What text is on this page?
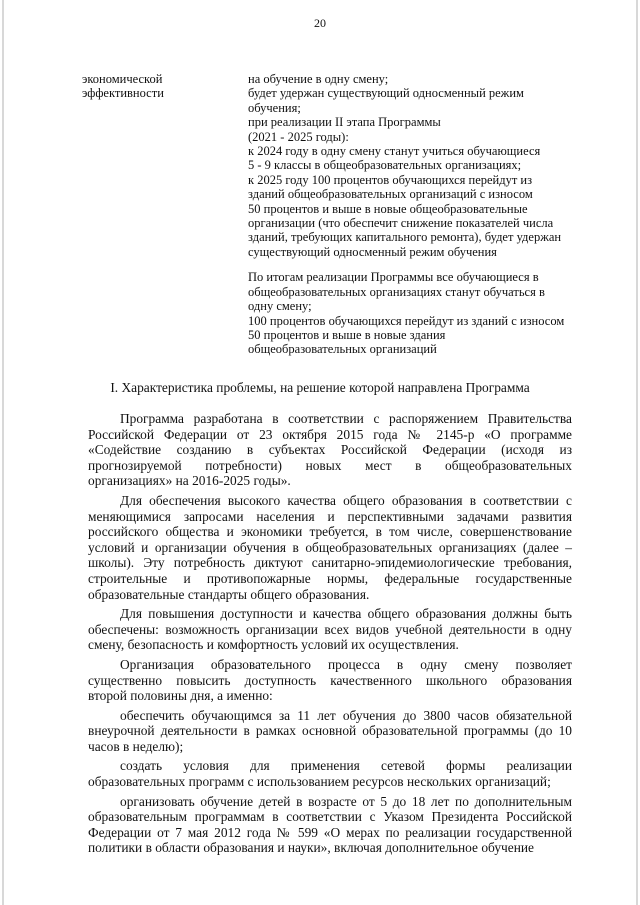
20
экономической
эффективности
на обучение в одну смену;
будет удержан существующий односменный режим
обучения;
при реализации II этапа Программы
(2021 - 2025 годы):
к 2024 году в одну смену станут учиться обучающиеся
5 - 9 классы в общеобразовательных организациях;
к 2025 году 100 процентов обучающихся перейдут из
зданий общеобразовательных организаций с износом
50 процентов и выше в новые общеобразовательные
организации (что обеспечит снижение показателей числа
зданий, требующих капитального ремонта), будет удержан
существующий односменный режим обучения
По итогам реализации Программы все обучающиеся в
общеобразовательных организациях станут обучаться в
одну смену;
100 процентов обучающихся перейдут из зданий с износом
50 процентов и выше в новые здания
общеобразовательных организаций
I. Характеристика проблемы, на решение которой направлена Программа

Программа разработана в соответствии с распоряжением Правительства
Российской Федерации от 23 октября 2015 года № 2145-р «О программе
«Содействие созданию в субъектах Российской Федерации (исходя из
прогнозируемой потребности) новых мест в общеобразовательных
организациях» на 2016-2025 годы».

Для обеспечения высокого качества общего образования в соответствии с
меняющимися запросами населения и перспективными задачами развития
российского общества и экономики требуется, в том числе, совершенствование
условий и организации обучения в общеобразовательных организациях (далее –
школы). Эту потребность диктуют санитарно-эпидемиологические требования,
строительные и противопожарные нормы, федеральные государственные
образовательные стандарты общего образования.

Для повышения доступности и качества общего образования должны быть
обеспечены: возможность организации всех видов учебной деятельности в одну
смену, безопасность и комфортность условий их осуществления.

Организация образовательного процесса в одну смену позволяет
существенно повысить доступность качественного школьного образования
второй половины дня, а именно:

обеспечить обучающимся за 11 лет обучения до 3800 часов обязательной
внеурочной деятельности в рамках основной образовательной программы (до 10
часов в неделю);

создать условия для применения сетевой формы реализации
образовательных программ с использованием ресурсов нескольких организаций;

организовать обучение детей в возрасте от 5 до 18 лет по дополнительным
образовательным программам в соответствии с Указом Президента Российской
Федерации от 7 мая 2012 года № 599 «О мерах по реализации государственной
политики в области образования и науки», включая дополнительное обучение
